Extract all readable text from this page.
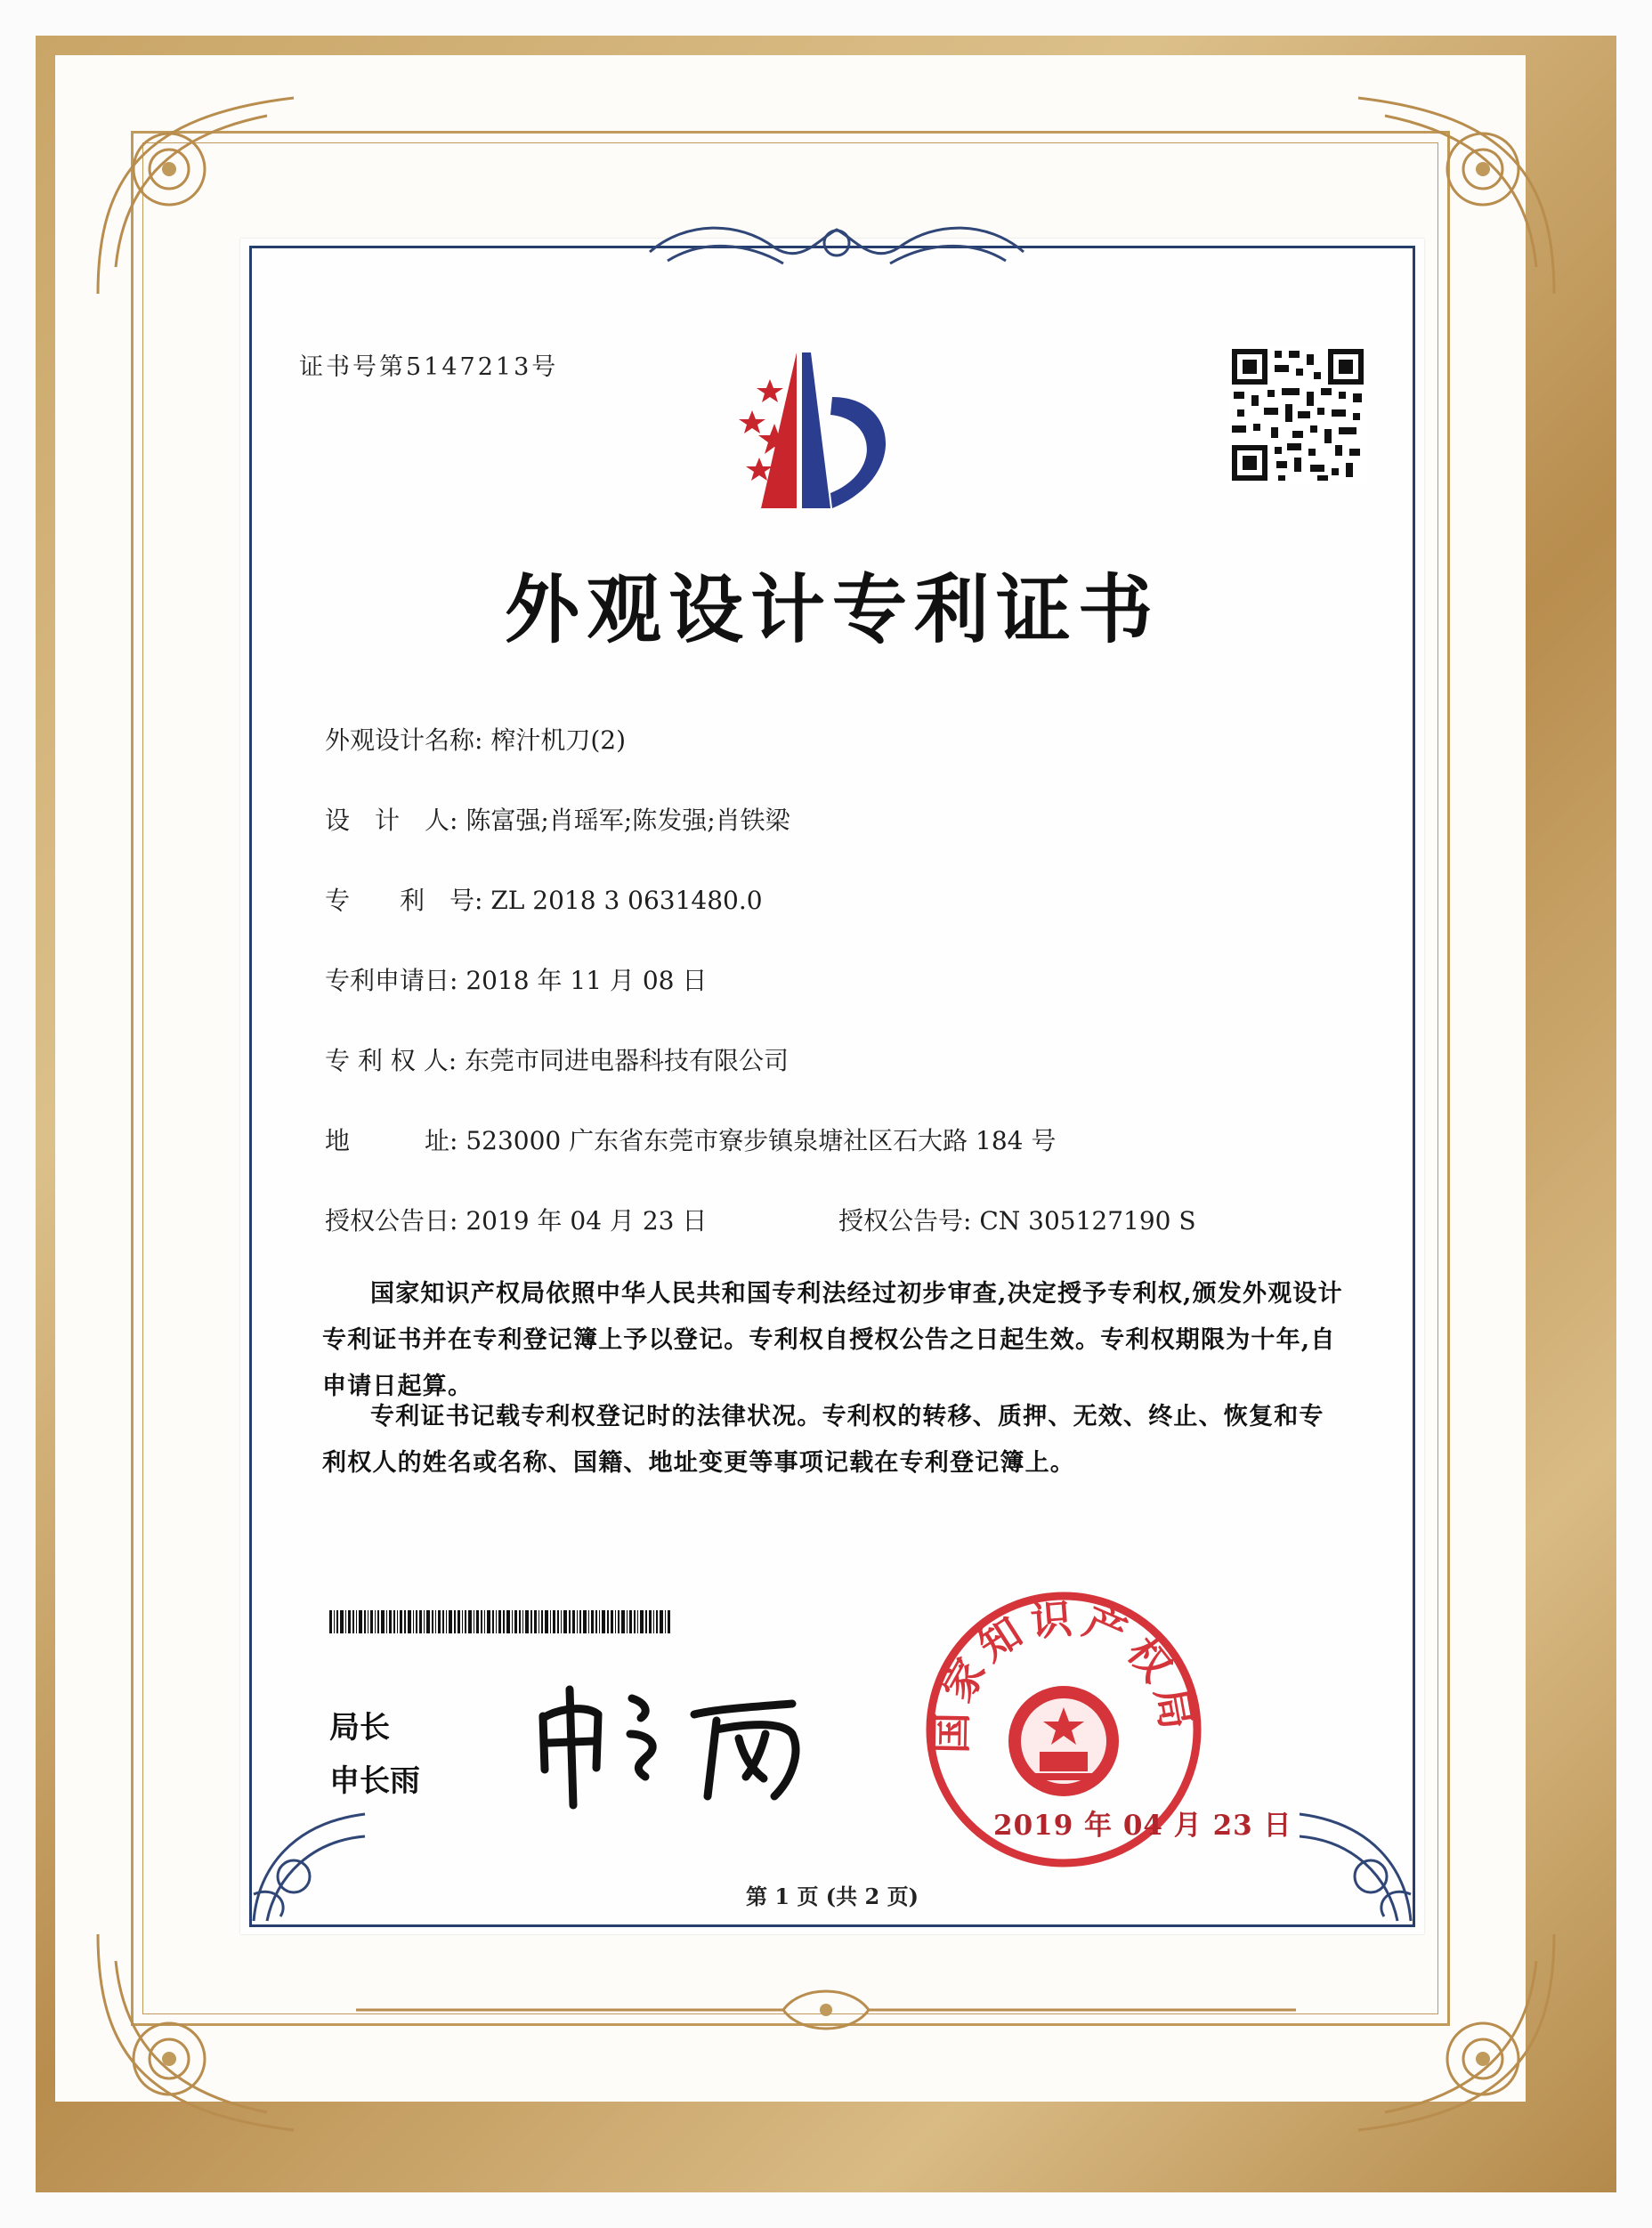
证书号第5147213号
外观设计专利证书
外观设计名称: 榨汁机刀(2)
设　计　人: 陈富强;肖瑶军;陈发强;肖铁梁
专　　利　号: ZL 2018 3 0631480.0
专利申请日: 2018 年 11 月 08 日
专 利 权 人: 东莞市同进电器科技有限公司
地　　　址: 523000 广东省东莞市寮步镇泉塘社区石大路 184 号
授权公告日: 2019 年 04 月 23 日	授权公告号: CN 305127190 S
国家知识产权局依照中华人民共和国专利法经过初步审查,决定授予专利权,颁发外观设计专利证书并在专利登记簿上予以登记。专利权自授权公告之日起生效。专利权期限为十年,自申请日起算。
专利证书记载专利权登记时的法律状况。专利权的转移、质押、无效、终止、恢复和专利权人的姓名或名称、国籍、地址变更等事项记载在专利登记簿上。
局长
申长雨
国家知识产权局
2019 年 04 月 23 日
第 1 页 (共 2 页)
